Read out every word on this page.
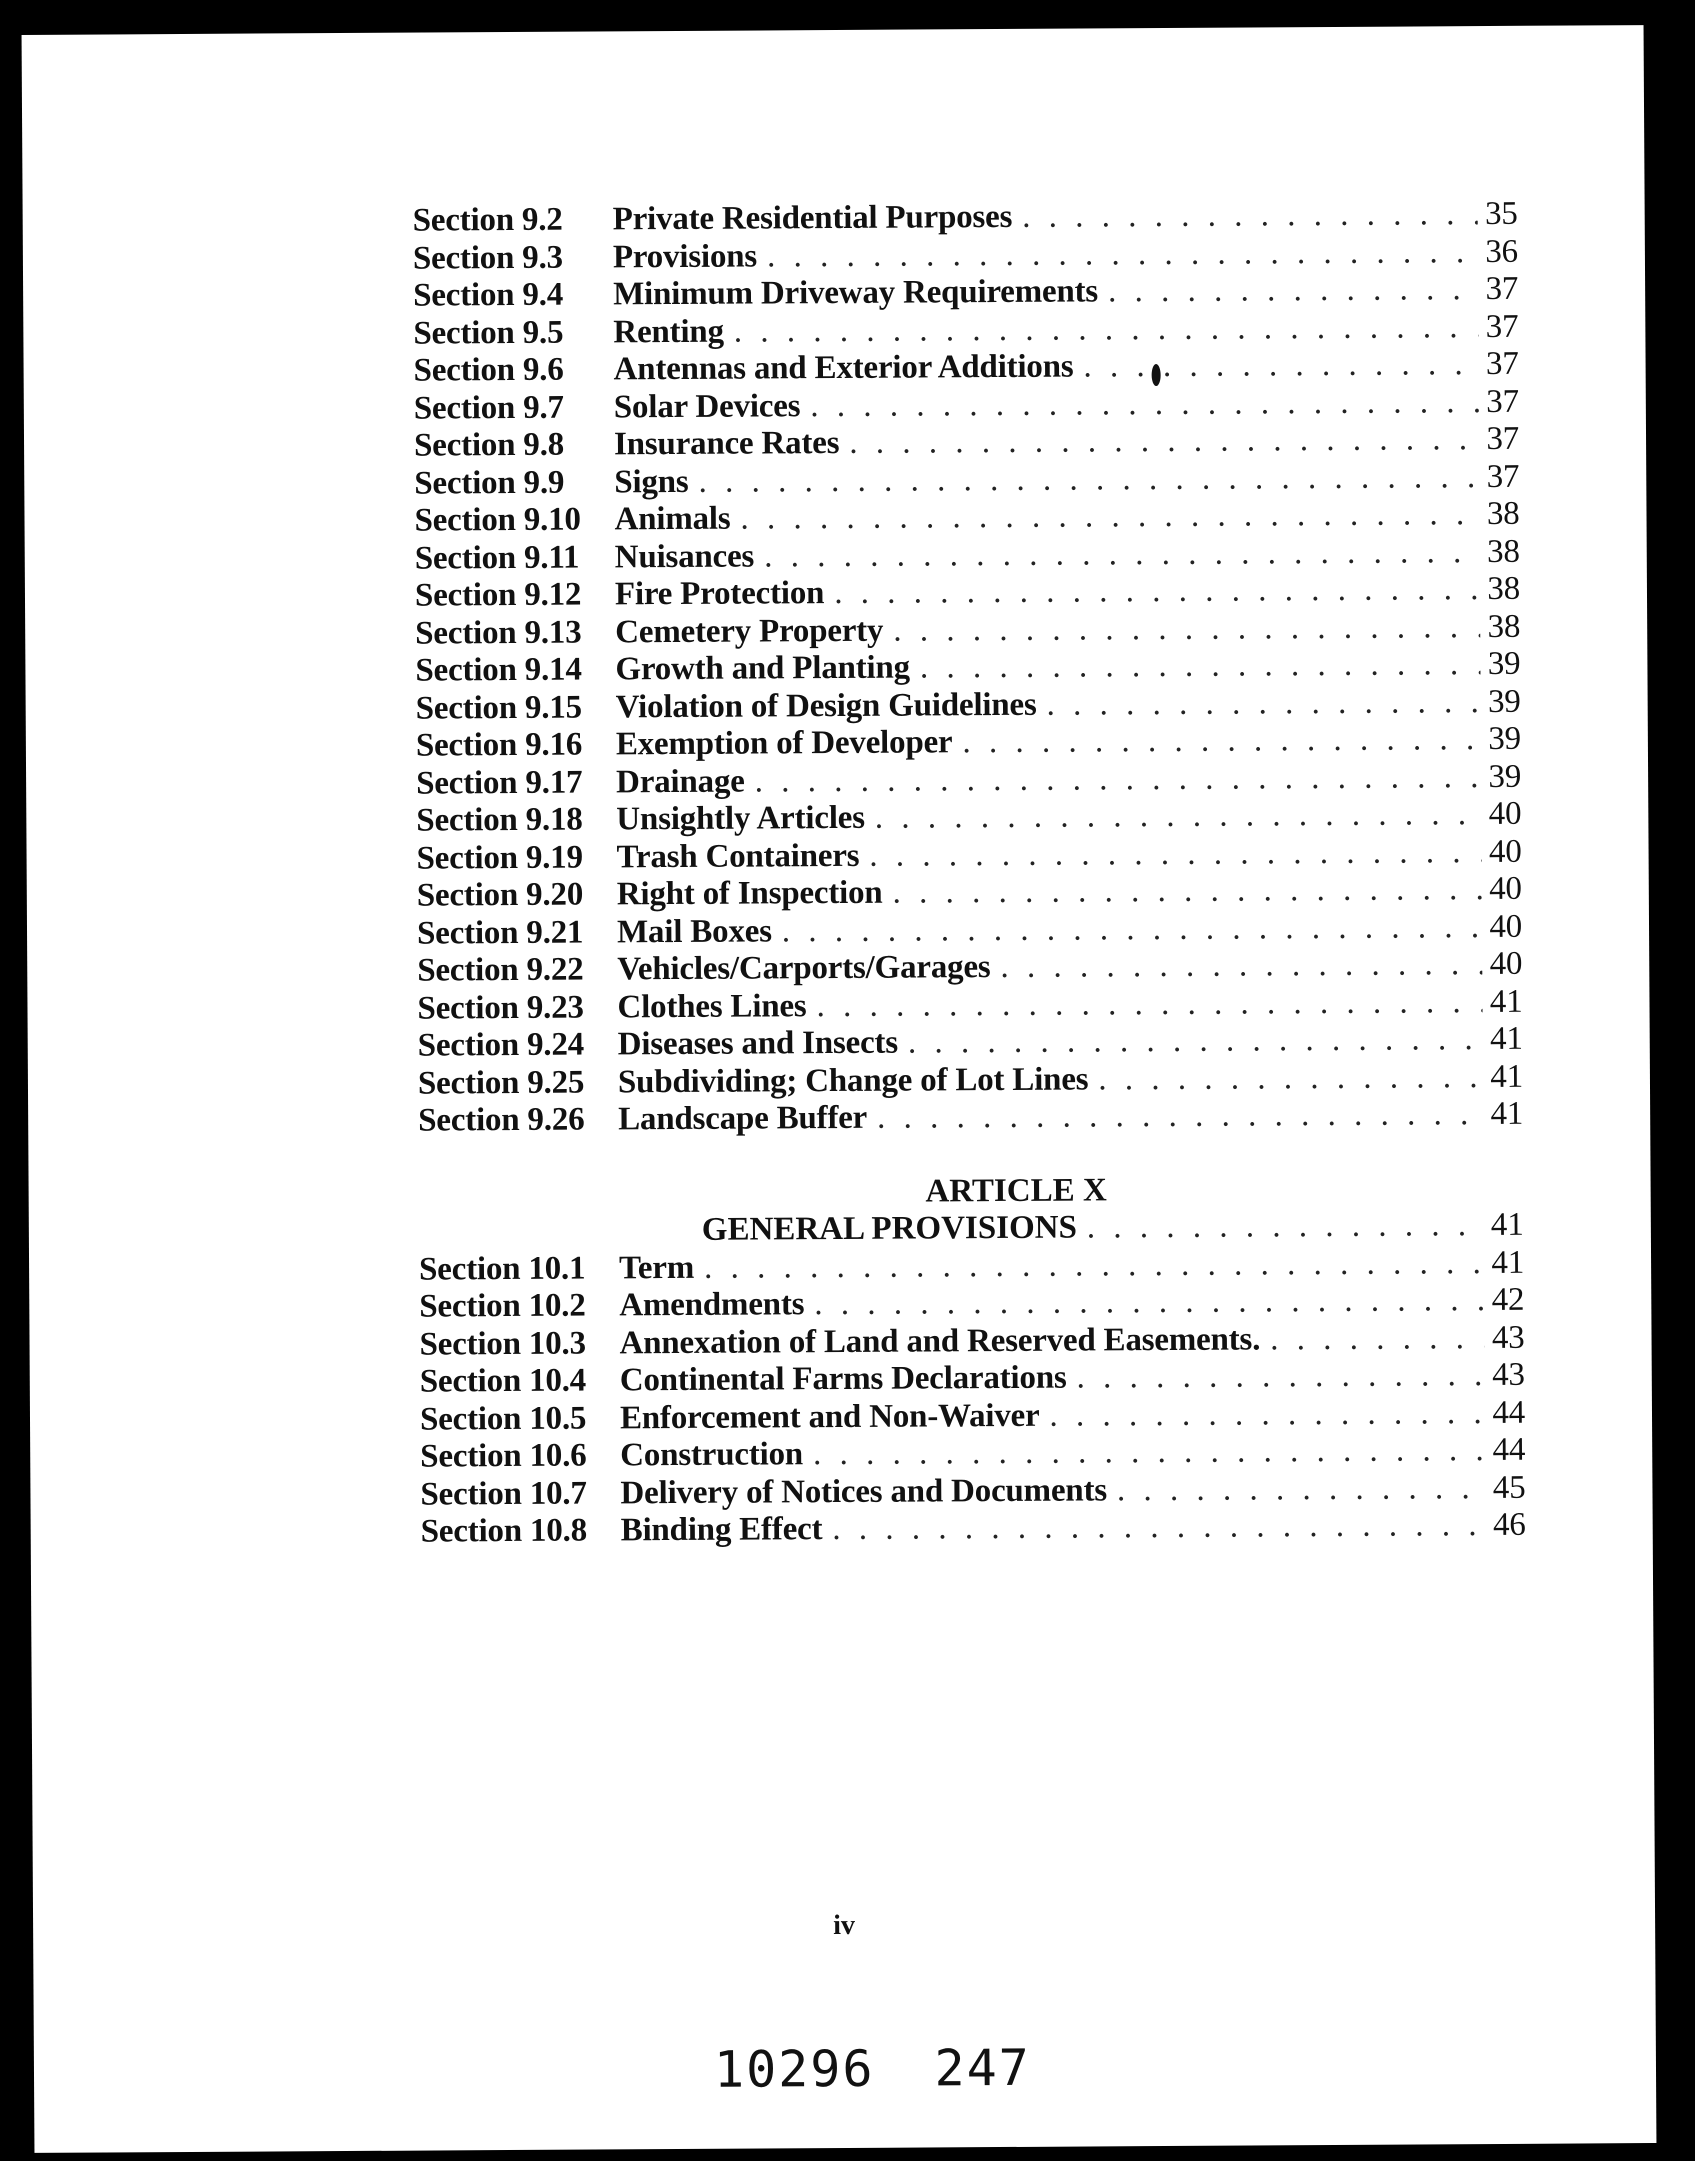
Section 9.2	Private Residential Purposes . . .	35
Section 9.3	Provisions . . .	36
Section 9.4	Minimum Driveway Requirements . . .	37
Section 9.5	Renting . . .	37
Section 9.6	Antennas and Exterior Additions . . .	37
Section 9.7	Solar Devices . . .	37
Section 9.8	Insurance Rates . . .	37
Section 9.9	Signs . . .	37
Section 9.10	Animals . . .	38
Section 9.11	Nuisances . . .	38
Section 9.12	Fire Protection . . .	38
Section 9.13	Cemetery Property . . .	38
Section 9.14	Growth and Planting . . .	39
Section 9.15	Violation of Design Guidelines . . .	39
Section 9.16	Exemption of Developer . . .	39
Section 9.17	Drainage . . .	39
Section 9.18	Unsightly Articles . . .	40
Section 9.19	Trash Containers . . .	40
Section 9.20	Right of Inspection . . .	40
Section 9.21	Mail Boxes . . .	40
Section 9.22	Vehicles/Carports/Garages . . .	40
Section 9.23	Clothes Lines . . .	41
Section 9.24	Diseases and Insects . . .	41
Section 9.25	Subdividing; Change of Lot Lines . . .	41
Section 9.26	Landscape Buffer . . .	41
ARTICLE X
GENERAL PROVISIONS . . .	41
Section 10.1	Term . . .	41
Section 10.2	Amendments . . .	42
Section 10.3	Annexation of Land and Reserved Easements. . . .	43
Section 10.4	Continental Farms Declarations . . .	43
Section 10.5	Enforcement and Non-Waiver . . .	44
Section 10.6	Construction . . .	44
Section 10.7	Delivery of Notices and Documents . . .	45
Section 10.8	Binding Effect . . .	46
iv
10296 247
